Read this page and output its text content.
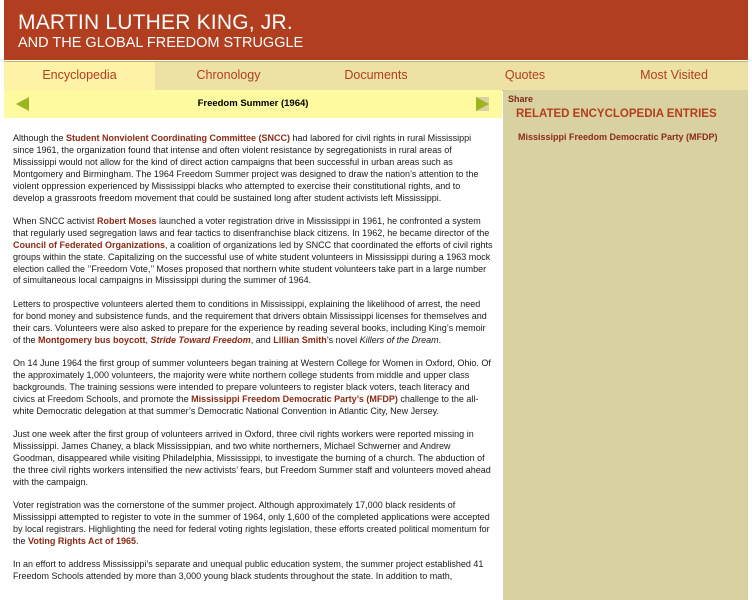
MARTIN LUTHER KING, JR.
AND THE GLOBAL FREEDOM STRUGGLE
Encyclopedia	Chronology	Documents	Quotes	Most Visited
Freedom Summer (1964)	Share
RELATED ENCYCLOPEDIA ENTRIES
Mississippi Freedom Democratic Party (MFDP)

Although the Student Nonviolent Coordinating Committee (SNCC) had labored for civil rights in rural Mississippi since 1961, the organization found that intense and often violent resistance by segregationists in rural areas of Mississippi would not allow for the kind of direct action campaigns that been successful in urban areas such as Montgomery and Birmingham. The 1964 Freedom Summer project was designed to draw the nation’s attention to the violent oppression experienced by Mississippi blacks who attempted to exercise their constitutional rights, and to develop a grassroots freedom movement that could be sustained long after student activists left Mississippi.

When SNCC activist Robert Moses launched a voter registration drive in Mississippi in 1961, he confronted a system that regularly used segregation laws and fear tactics to disenfranchise black citizens. In 1962, he became director of the Council of Federated Organizations, a coalition of organizations led by SNCC that coordinated the efforts of civil rights groups within the state. Capitalizing on the successful use of white student volunteers in Mississippi during a 1963 mock election called the ’’Freedom Vote,’’ Moses proposed that northern white student volunteers take part in a large number of simultaneous local campaigns in Mississippi during the summer of 1964.

Letters to prospective volunteers alerted them to conditions in Mississippi, explaining the likelihood of arrest, the need for bond money and subsistence funds, and the requirement that drivers obtain Mississippi licenses for themselves and their cars. Volunteers were also asked to prepare for the experience by reading several books, including King’s memoir of the Montgomery bus boycott, Stride Toward Freedom, and Lillian Smith’s novel Killers of the Dream.

On 14 June 1964 the first group of summer volunteers began training at Western College for Women in Oxford, Ohio. Of the approximately 1,000 volunteers, the majority were white northern college students from middle and upper class backgrounds. The training sessions were intended to prepare volunteers to register black voters, teach literacy and civics at Freedom Schools, and promote the Mississippi Freedom Democratic Party’s (MFDP) challenge to the all-white Democratic delegation at that summer’s Democratic National Convention in Atlantic City, New Jersey.

Just one week after the first group of volunteers arrived in Oxford, three civil rights workers were reported missing in Mississippi. James Chaney, a black Mississippian, and two white northerners, Michael Schwerner and Andrew Goodman, disappeared while visiting Philadelphia, Mississippi, to investigate the burning of a church. The abduction of the three civil rights workers intensified the new activists’ fears, but Freedom Summer staff and volunteers moved ahead with the campaign.

Voter registration was the cornerstone of the summer project. Although approximately 17,000 black residents of Mississippi attempted to register to vote in the summer of 1964, only 1,600 of the completed applications were accepted by local registrars. Highlighting the need for federal voting rights legislation, these efforts created political momentum for the Voting Rights Act of 1965.

In an effort to address Mississippi’s separate and unequal public education system, the summer project established 41 Freedom Schools attended by more than 3,000 young black students throughout the state. In addition to math,
